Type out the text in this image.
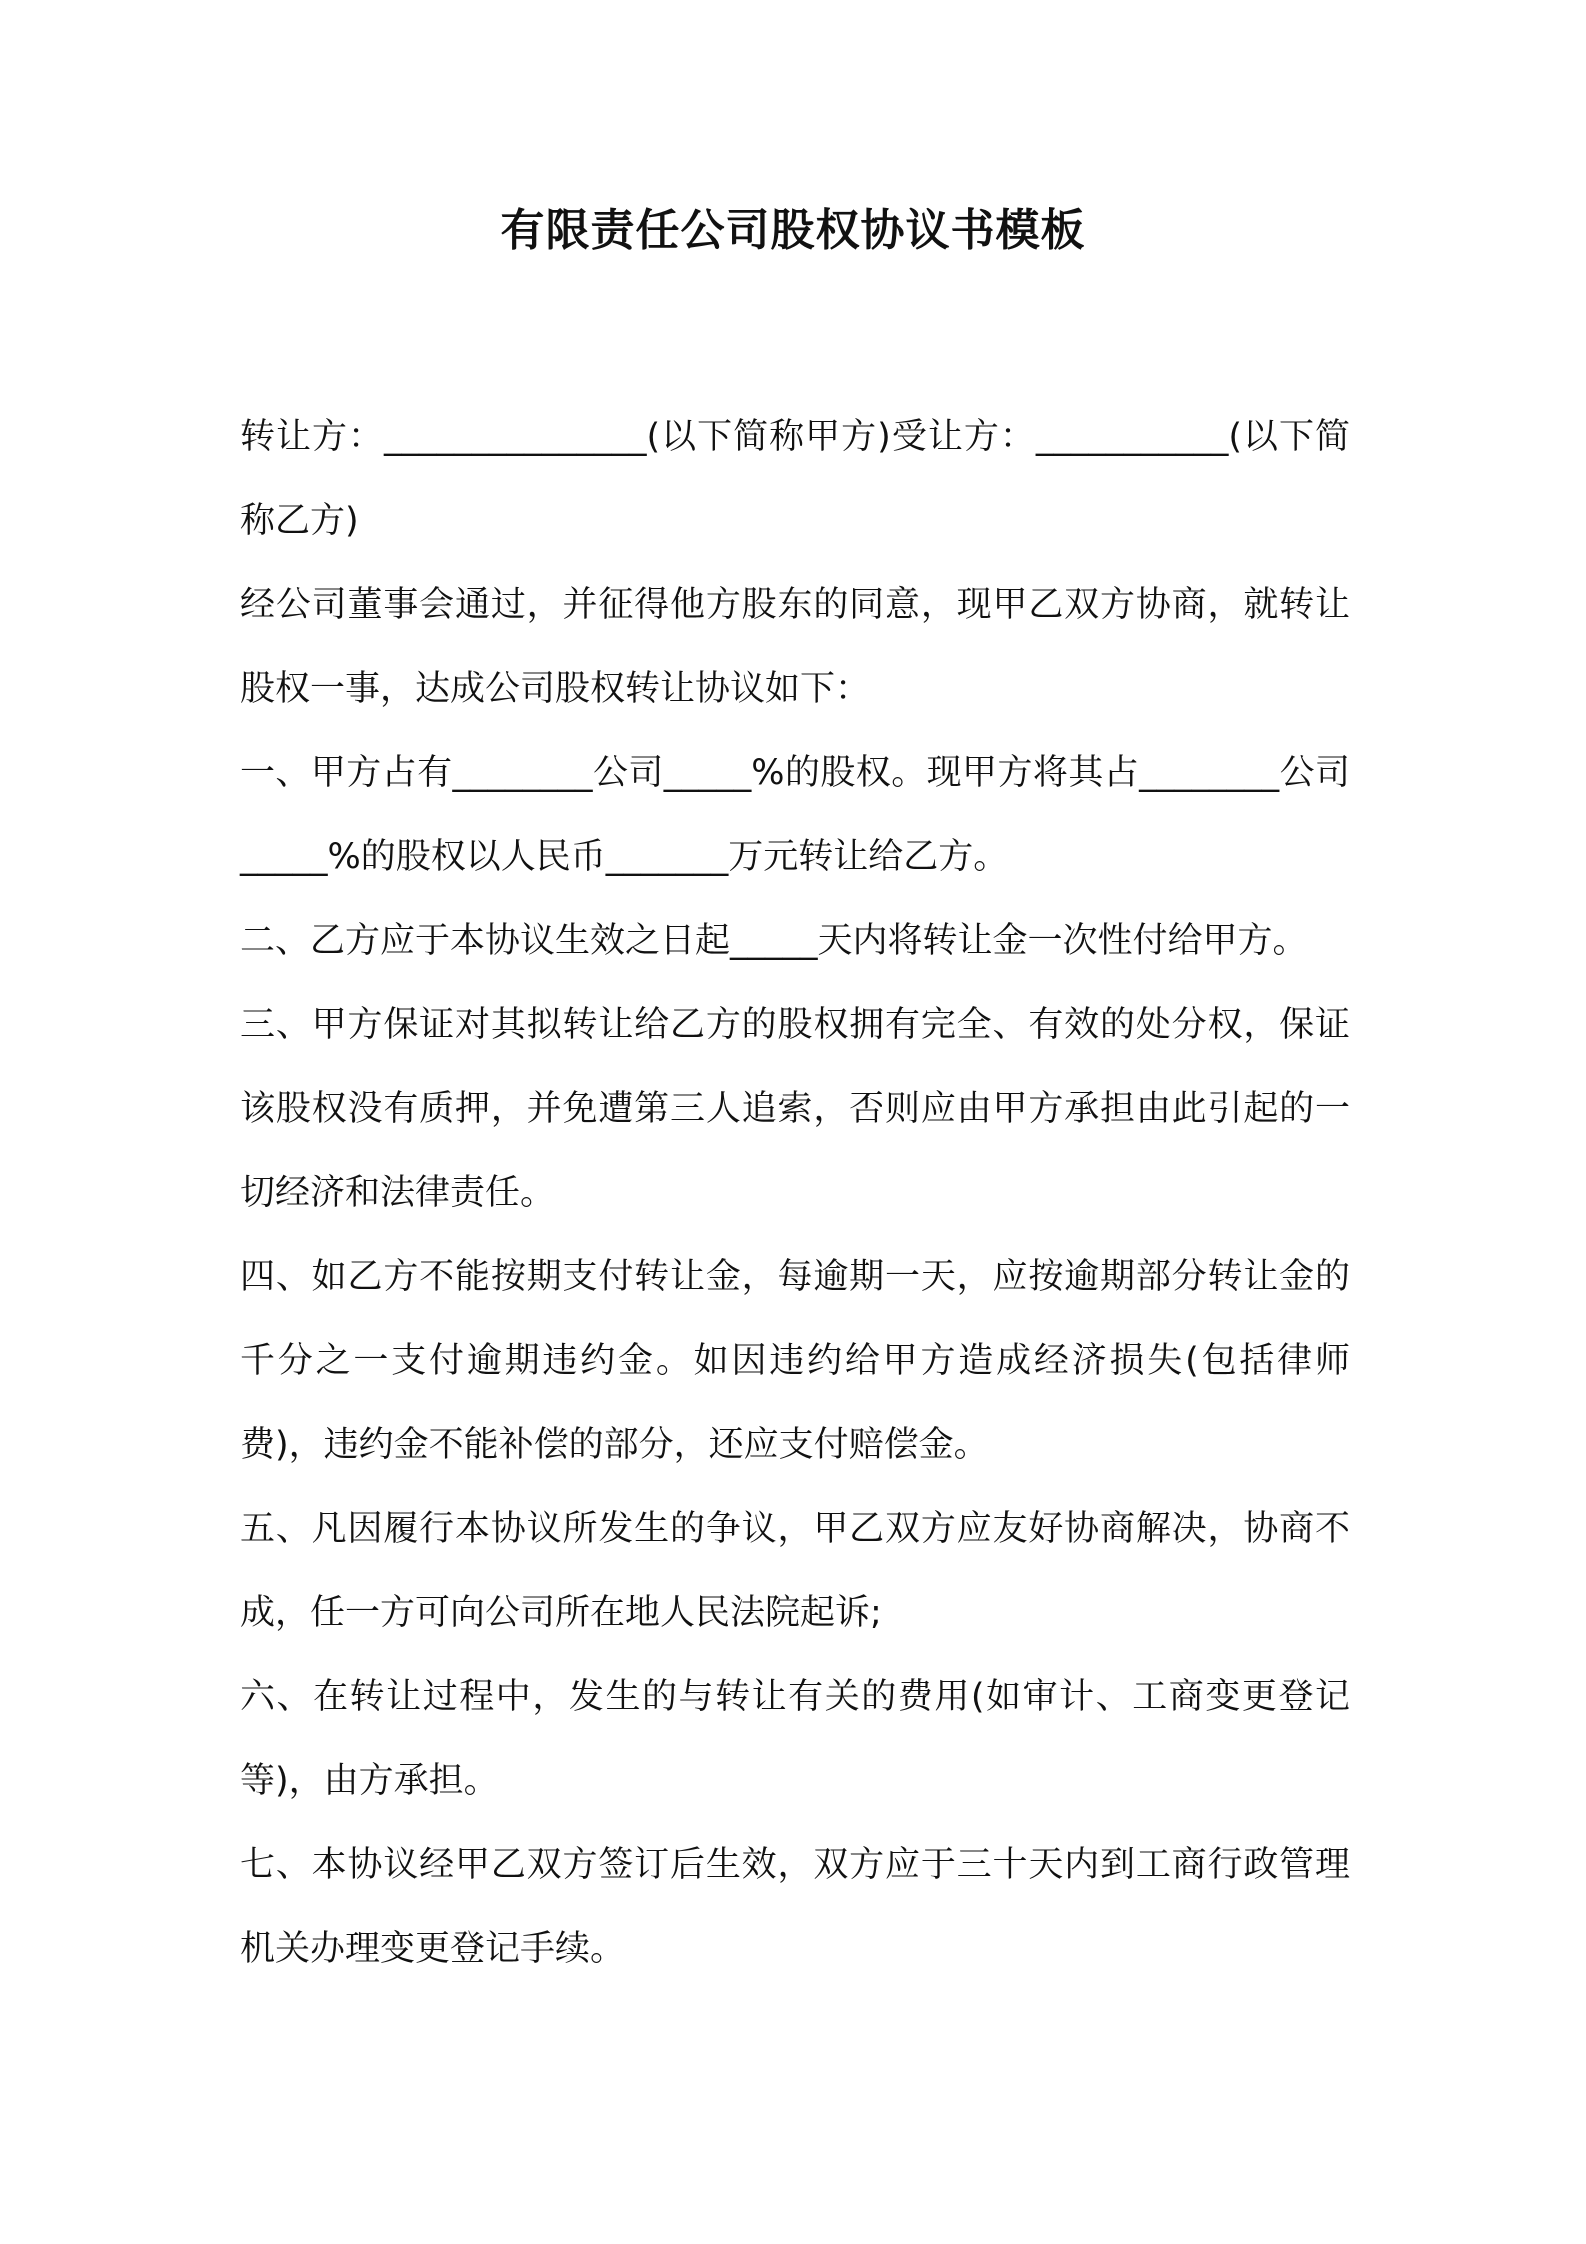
有限责任公司股权协议书模板

转让方：_______________(以下简称甲方)受让方：___________(以下简称乙方)

经公司董事会通过，并征得他方股东的同意，现甲乙双方协商，就转让股权一事，达成公司股权转让协议如下：

一、甲方占有________公司_____%的股权。现甲方将其占________公司_____%的股权以人民币_______万元转让给乙方。

二、乙方应于本协议生效之日起_____天内将转让金一次性付给甲方。

三、甲方保证对其拟转让给乙方的股权拥有完全、有效的处分权，保证该股权没有质押，并免遭第三人追索，否则应由甲方承担由此引起的一切经济和法律责任。

四、如乙方不能按期支付转让金，每逾期一天，应按逾期部分转让金的千分之一支付逾期违约金。如因违约给甲方造成经济损失(包括律师费)，违约金不能补偿的部分，还应支付赔偿金。

五、凡因履行本协议所发生的争议，甲乙双方应友好协商解决，协商不成，任一方可向公司所在地人民法院起诉;

六、在转让过程中，发生的与转让有关的费用(如审计、工商变更登记等)，由方承担。

七、本协议经甲乙双方签订后生效，双方应于三十天内到工商行政管理机关办理变更登记手续。
